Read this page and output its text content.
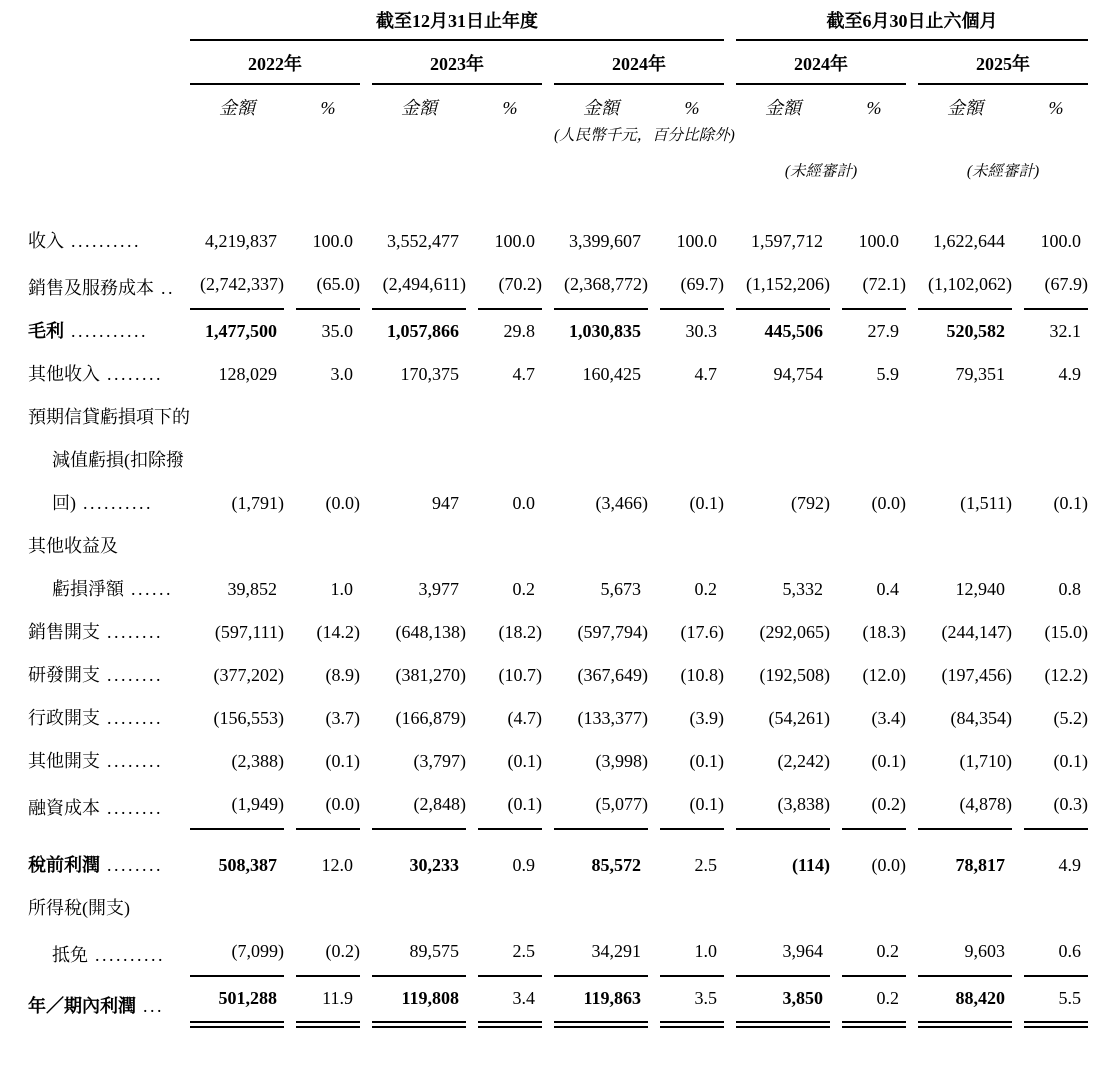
	截至12月31日止年度						截至6月30日止六個月			
	2022年		2023年		2024年		2024年		2025年	
	金額	%	金額	%	金額	%	金額	%	金額	%
					(人民幣千元，百分比除外)					
							(未經審計)		(未經審計)	
收入 ..........	4,219,837	100.0	3,552,477	100.0	3,399,607	100.0	1,597,712	100.0	1,622,644	100.0
銷售及服務成本 ..	(2,742,337)	(65.0)	(2,494,611)	(70.2)	(2,368,772)	(69.7)	(1,152,206)	(72.1)	(1,102,062)	(67.9)
毛利 ...........	1,477,500	35.0	1,057,866	29.8	1,030,835	30.3	445,506	27.9	520,582	32.1
其他收入 ........	128,029	3.0	170,375	4.7	160,425	4.7	94,754	5.9	79,351	4.9
預期信貸虧損項下的										
減值虧損(扣除撥										
回) ..........	(1,791)	(0.0)	947	0.0	(3,466)	(0.1)	(792)	(0.0)	(1,511)	(0.1)
其他收益及										
虧損淨額 ......	39,852	1.0	3,977	0.2	5,673	0.2	5,332	0.4	12,940	0.8
銷售開支 ........	(597,111)	(14.2)	(648,138)	(18.2)	(597,794)	(17.6)	(292,065)	(18.3)	(244,147)	(15.0)
研發開支 ........	(377,202)	(8.9)	(381,270)	(10.7)	(367,649)	(10.8)	(192,508)	(12.0)	(197,456)	(12.2)
行政開支 ........	(156,553)	(3.7)	(166,879)	(4.7)	(133,377)	(3.9)	(54,261)	(3.4)	(84,354)	(5.2)
其他開支 ........	(2,388)	(0.1)	(3,797)	(0.1)	(3,998)	(0.1)	(2,242)	(0.1)	(1,710)	(0.1)
融資成本 ........	(1,949)	(0.0)	(2,848)	(0.1)	(5,077)	(0.1)	(3,838)	(0.2)	(4,878)	(0.3)
稅前利潤 ........	508,387	12.0	30,233	0.9	85,572	2.5	(114)	(0.0)	78,817	4.9
所得稅(開支)										
抵免 ..........	(7,099)	(0.2)	89,575	2.5	34,291	1.0	3,964	0.2	9,603	0.6
年／期內利潤 ...	501,288	11.9	119,808	3.4	119,863	3.5	3,850	0.2	88,420	5.5
